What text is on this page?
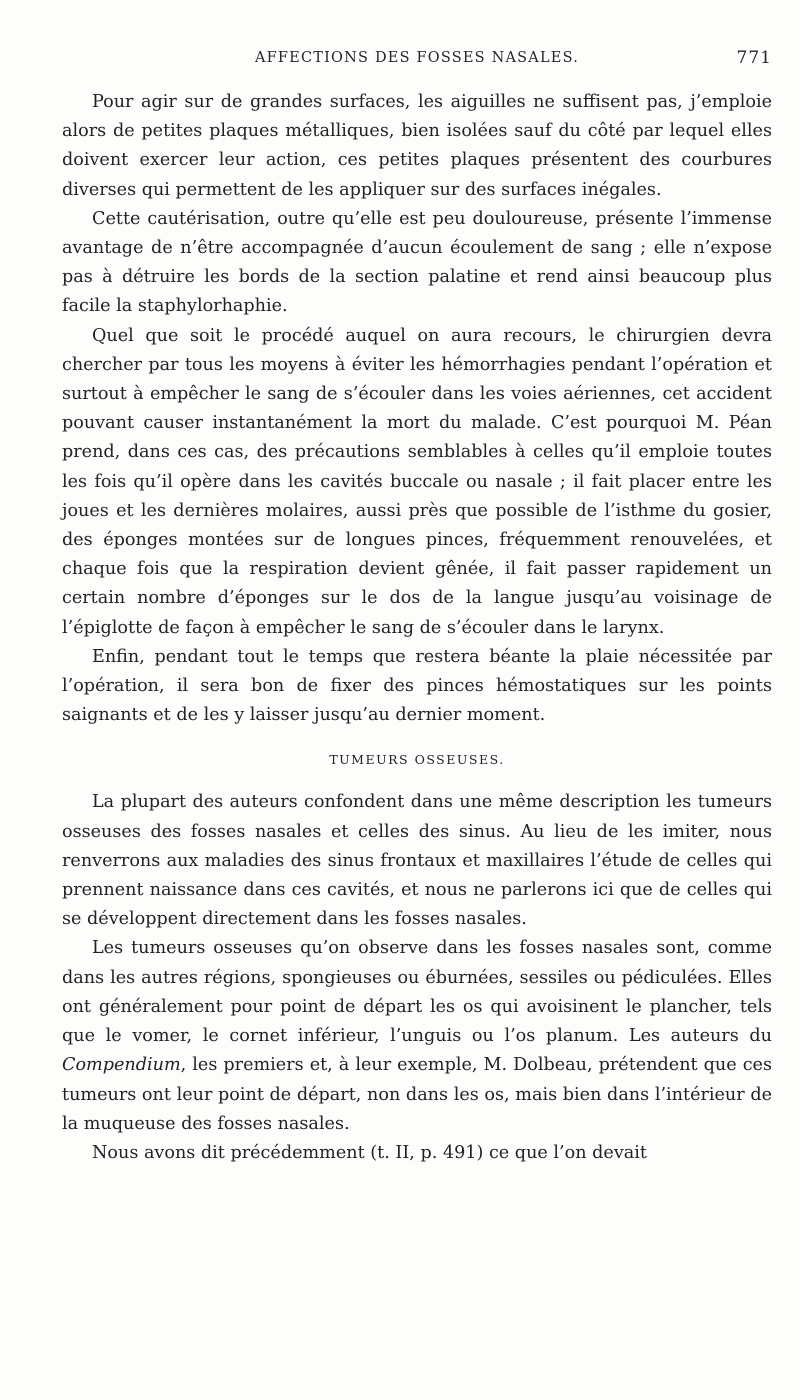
AFFECTIONS DES FOSSES NASALES.	771

Pour agir sur de grandes surfaces, les aiguilles ne suffisent pas, j’emploie alors de petites plaques métalliques, bien isolées sauf du côté par lequel elles doivent exercer leur action, ces petites plaques présentent des courbures diverses qui permettent de les appliquer sur des surfaces inégales.

Cette cautérisation, outre qu’elle est peu douloureuse, présente l’immense avantage de n’être accompagnée d’aucun écoulement de sang ; elle n’expose pas à détruire les bords de la section palatine et rend ainsi beaucoup plus facile la staphylorhaphie.

Quel que soit le procédé auquel on aura recours, le chirurgien devra chercher par tous les moyens à éviter les hémorrhagies pendant l’opération et surtout à empêcher le sang de s’écouler dans les voies aériennes, cet accident pouvant causer instantanément la mort du malade. C’est pourquoi M. Péan prend, dans ces cas, des précautions semblables à celles qu’il emploie toutes les fois qu’il opère dans les cavités buccale ou nasale ; il fait placer entre les joues et les dernières molaires, aussi près que possible de l’isthme du gosier, des éponges montées sur de longues pinces, fréquemment renouvelées, et chaque fois que la respiration devient gênée, il fait passer rapidement un certain nombre d’éponges sur le dos de la langue jusqu’au voisinage de l’épiglotte de façon à empêcher le sang de s’écouler dans le larynx.

Enfin, pendant tout le temps que restera béante la plaie nécessitée par l’opération, il sera bon de fixer des pinces hémostatiques sur les points saignants et de les y laisser jusqu’au dernier moment.

TUMEURS OSSEUSES.

La plupart des auteurs confondent dans une même description les tumeurs osseuses des fosses nasales et celles des sinus. Au lieu de les imiter, nous renverrons aux maladies des sinus frontaux et maxillaires l’étude de celles qui prennent naissance dans ces cavités, et nous ne parlerons ici que de celles qui se développent directement dans les fosses nasales.

Les tumeurs osseuses qu’on observe dans les fosses nasales sont, comme dans les autres régions, spongieuses ou éburnées, sessiles ou pédiculées. Elles ont généralement pour point de départ les os qui avoisinent le plancher, tels que le vomer, le cornet inférieur, l’unguis ou l’os planum. Les auteurs du Compendium, les premiers et, à leur exemple, M. Dolbeau, prétendent que ces tumeurs ont leur point de départ, non dans les os, mais bien dans l’intérieur de la muqueuse des fosses nasales.

Nous avons dit précédemment (t. II, p. 491) ce que l’on devait
